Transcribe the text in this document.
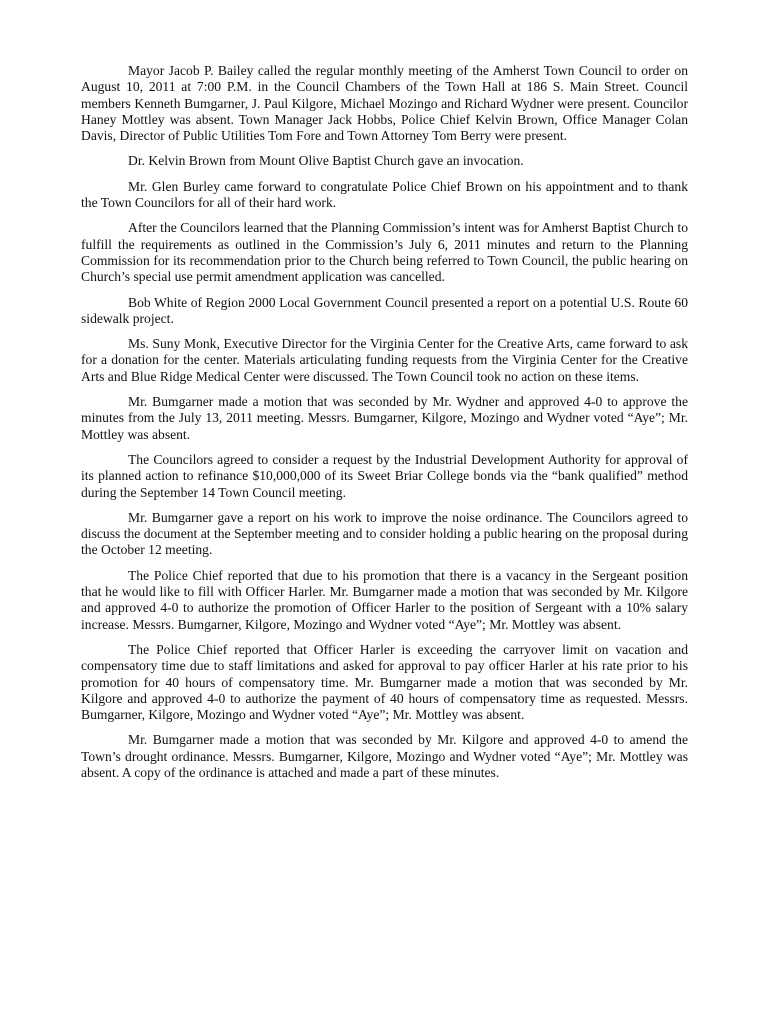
Mayor Jacob P. Bailey called the regular monthly meeting of the Amherst Town Council to order on August 10, 2011 at 7:00 P.M. in the Council Chambers of the Town Hall at 186 S. Main Street. Council members Kenneth Bumgarner, J. Paul Kilgore, Michael Mozingo and Richard Wydner were present. Councilor Haney Mottley was absent. Town Manager Jack Hobbs, Police Chief Kelvin Brown, Office Manager Colan Davis, Director of Public Utilities Tom Fore and Town Attorney Tom Berry were present.

Dr. Kelvin Brown from Mount Olive Baptist Church gave an invocation.

Mr. Glen Burley came forward to congratulate Police Chief Brown on his appointment and to thank the Town Councilors for all of their hard work.

After the Councilors learned that the Planning Commission’s intent was for Amherst Baptist Church to fulfill the requirements as outlined in the Commission’s July 6, 2011 minutes and return to the Planning Commission for its recommendation prior to the Church being referred to Town Council, the public hearing on Church’s special use permit amendment application was cancelled.

Bob White of Region 2000 Local Government Council presented a report on a potential U.S. Route 60 sidewalk project.

Ms. Suny Monk, Executive Director for the Virginia Center for the Creative Arts, came forward to ask for a donation for the center. Materials articulating funding requests from the Virginia Center for the Creative Arts and Blue Ridge Medical Center were discussed. The Town Council took no action on these items.

Mr. Bumgarner made a motion that was seconded by Mr. Wydner and approved 4-0 to approve the minutes from the July 13, 2011 meeting. Messrs. Bumgarner, Kilgore, Mozingo and Wydner voted “Aye”; Mr. Mottley was absent.

The Councilors agreed to consider a request by the Industrial Development Authority for approval of its planned action to refinance $10,000,000 of its Sweet Briar College bonds via the “bank qualified” method during the September 14 Town Council meeting.

Mr. Bumgarner gave a report on his work to improve the noise ordinance. The Councilors agreed to discuss the document at the September meeting and to consider holding a public hearing on the proposal during the October 12 meeting.

The Police Chief reported that due to his promotion that there is a vacancy in the Sergeant position that he would like to fill with Officer Harler. Mr. Bumgarner made a motion that was seconded by Mr. Kilgore and approved 4-0 to authorize the promotion of Officer Harler to the position of Sergeant with a 10% salary increase. Messrs. Bumgarner, Kilgore, Mozingo and Wydner voted “Aye”; Mr. Mottley was absent.

The Police Chief reported that Officer Harler is exceeding the carryover limit on vacation and compensatory time due to staff limitations and asked for approval to pay officer Harler at his rate prior to his promotion for 40 hours of compensatory time. Mr. Bumgarner made a motion that was seconded by Mr. Kilgore and approved 4-0 to authorize the payment of 40 hours of compensatory time as requested. Messrs. Bumgarner, Kilgore, Mozingo and Wydner voted “Aye”; Mr. Mottley was absent.

Mr. Bumgarner made a motion that was seconded by Mr. Kilgore and approved 4-0 to amend the Town’s drought ordinance. Messrs. Bumgarner, Kilgore, Mozingo and Wydner voted “Aye”; Mr. Mottley was absent. A copy of the ordinance is attached and made a part of these minutes.
